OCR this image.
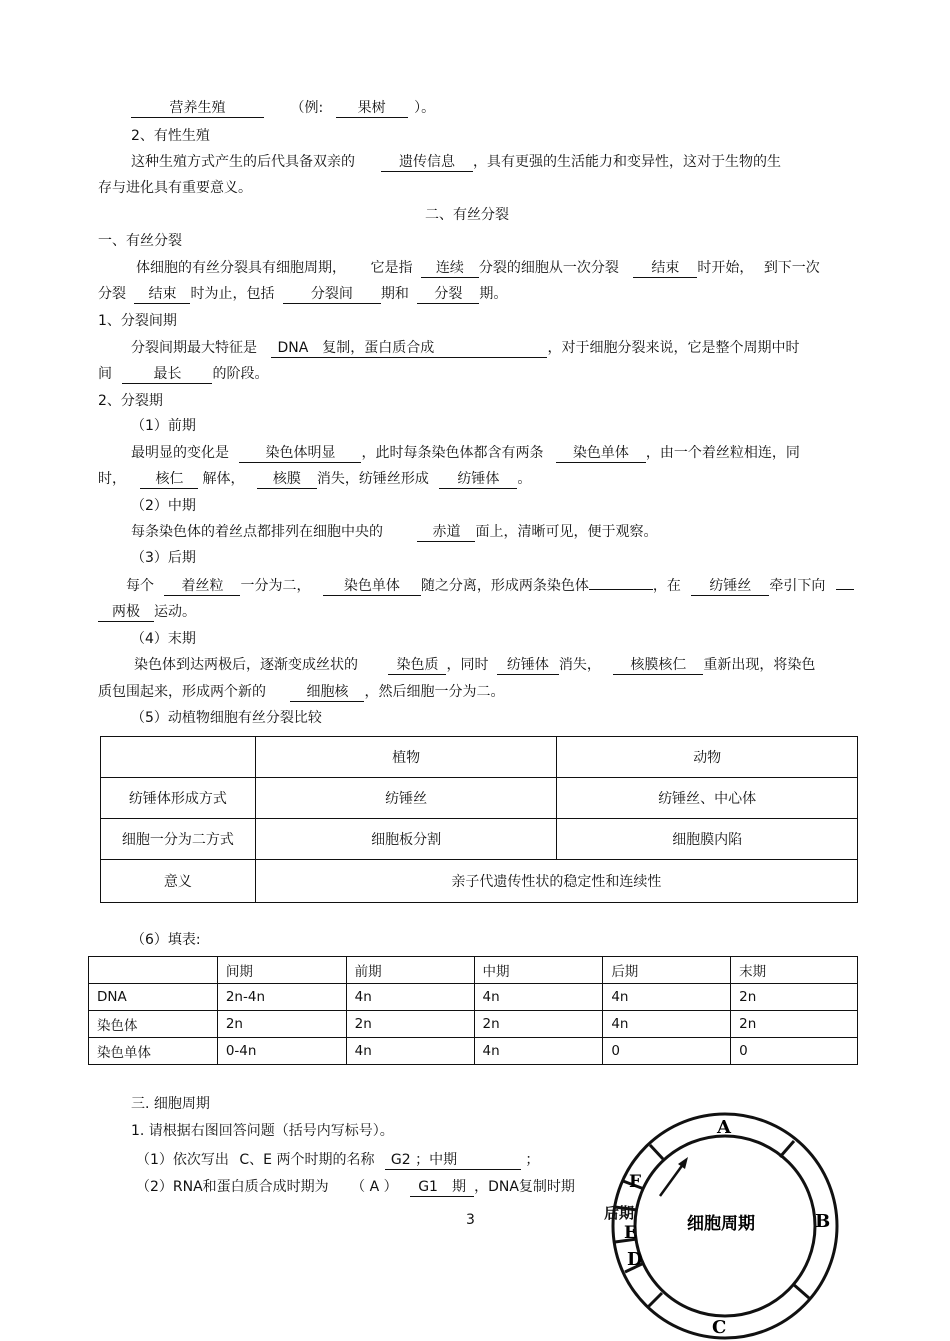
营养生殖	（例: 果树 ）。
2、有性生殖
这种生殖方式产生的后代具备双亲的	遗传信息 ，具有更强的生活能力和变异性，这对于生物的生
存与进化具有重要意义。
二、有丝分裂
一、有丝分裂
体细胞的有丝分裂具有细胞周期， 它是指 连续 分裂的细胞从一次分裂 结束 时开始， 到下一次
分裂 结束 时为止，包括	分裂间 期和 分裂 期。
1、分裂间期
分裂间期最大特征是 DNA　复制，蛋白质合成	，对于细胞分裂来说，它是整个周期中时
间	最长 的阶段。
2、分裂期
（1）前期
最明显的变化是	染色体明显 ，此时每条染色体都含有两条 染色单体 ，由一个着丝粒相连，同
时， 核仁 解体， 核膜 消失，纺锤丝形成 纺锤体 。
（2）中期
每条染色体的着丝点都排列在细胞中央的	赤道 面上，清晰可见，便于观察。
（3）后期
每个 着丝粒 一分为二， 染色单体 随之分离，形成两条染色体	，在 纺锤丝 牵引下向
两极 运动。
（4）末期
染色体到达两极后，逐渐变成丝状的	染色质 ，同时 纺锤体 消失， 核膜核仁 重新出现，将染色
质包围起来，形成两个新的	细胞核 ，然后细胞一分为二。
（5）动植物细胞有丝分裂比较
	植物	动物
纺锤体形成方式	纺锤丝	纺锤丝、中心体
细胞一分为二方式	细胞板分割	细胞膜内陷
意义	亲子代遗传性状的稳定性和连续性	
（6）填表:
	间期	前期	中期	后期	末期
DNA	2n-4n	4n	4n	4n	2n
染色体	2n	2n	2n	4n	2n
染色单体	0-4n	4n	4n	0	0
三. 细胞周期
1. 请根据右图回答问题（括号内写标号）。
（1）依次写出 C、E 两个时期的名称 G2 ；中期	；
（2）RNA和蛋白质合成时期为 （ A ） G1　期 ，DNA复制时期
3
A
B
C
D
E
F
细胞周期
后期
